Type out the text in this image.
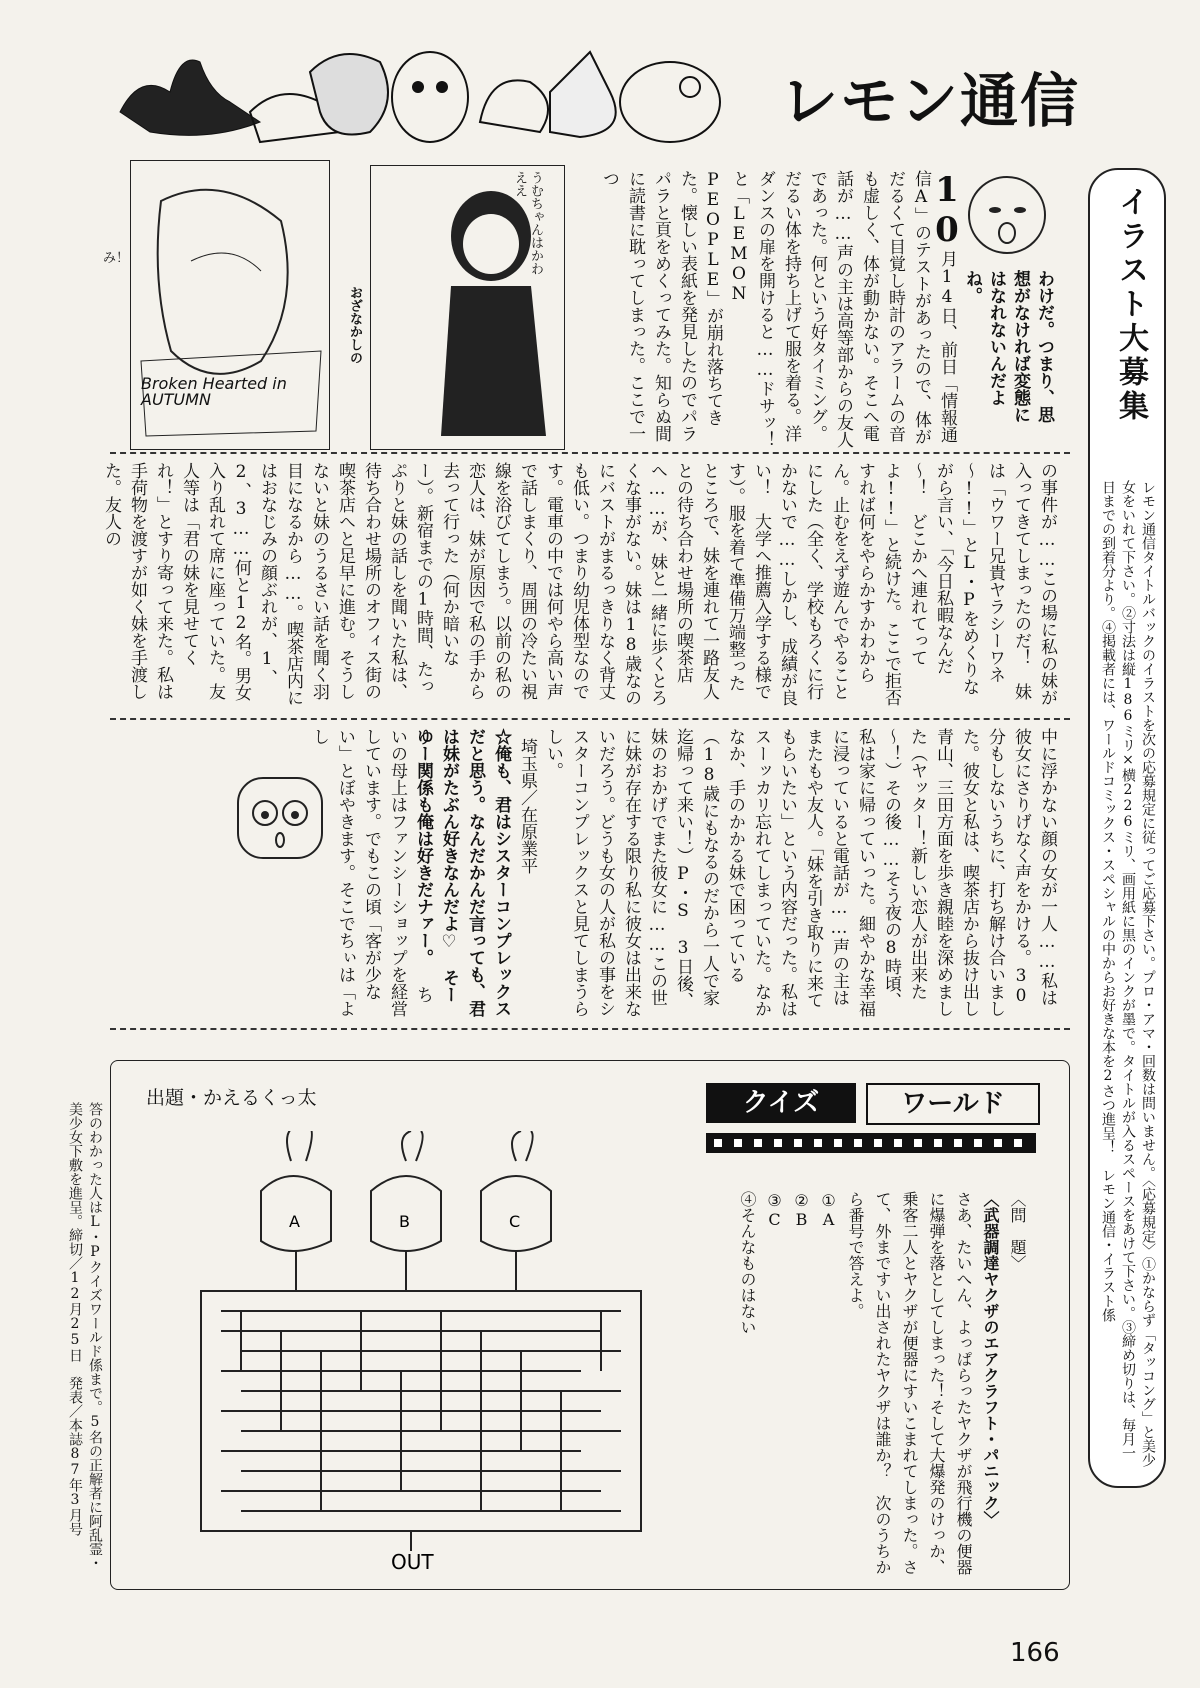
レモン通信
イラスト大募集
レモン通信タイトルバックのイラストを次の応募規定に従ってご応募下さい。プロ・アマ・回数は問いません。〈応募規定〉①かならず「タッコング」と美少女をいれて下さい。②寸法は縦186ミリ×横226ミリ、画用紙に黒のインクが墨で。タイトルが入るスペースをあけて下さい。③締め切りは、毎月一日までの到着分より。④掲載者には、ワールドコミックス・スペシャルの中からお好きな本を2さつ進呈！　レモン通信・イラスト係
み！
Broken Hearted in AUTUMN
おざなかしの
うむちゃんはかわええ	10月14日、前日「情報通信A」のテストがあったので、体がだるくて目覚し時計のアラームの音も虚しく、体が動かない。そこへ電話が……声の主は高等部からの友人であった。何という好タイミング。だるい体を持ち上げて服を着る。洋ダンスの扉を開けると……ドサッ！と「LEMON PEOPLE」が崩れ落ちてきた。懐しい表紙を発見したのでパラパラと頁をめくってみた。知らぬ間に読書に耽ってしまった。ここで一つ
わけだ。つまり、思想がなければ変態にはなれないんだよね。
の事件が……この場に私の妹が入ってきてしまったのだ！　妹は「ウワー兄貴ヤラシーワネ～!!」とL・Pをめくりながら言い、「今日私暇なんだ～！　どこかへ連れてってよ!!」と続けた。ここで拒否すれば何をやらかすかわからん。止むをえず遊んでやることにした（全く、学校もろくに行かないで……しかし、成績が良い！　大学へ推薦入学する様です）。服を着て準備万端整ったところで、妹を連れて一路友人との待ち合わせ場所の喫茶店へ……が、妹と一緒に歩くとろくな事がない。妹は18歳なのにバストがまるっきりなく背丈も低い。つまり幼児体型なのです。電車の中では何やら高い声で話しまくり、周囲の冷たい視線を浴びてしまう。以前の私の恋人は、妹が原因で私の手から去って行った（何か暗いなー）。新宿までの1時間、たっぷりと妹の話しを聞いた私は、待ち合わせ場所のオフィス街の喫茶店へと足早に進む。そうしないと妹のうるさい話を聞く羽目になるから……。喫茶店内にはおなじみの顔ぶれが、1、2、3……何と12名。男女入り乱れて席に座っていた。友人等は「君の妹を見せてくれ！」とすり寄って来た。私は手荷物を渡すが如く妹を手渡した。友人の
中に浮かない顔の女が一人……私は彼女にさりげなく声をかける。30分もしないうちに、打ち解け合いました。彼女と私は、喫茶店から抜け出し青山、三田方面を歩き親睦を深めました（ヤッター！新しい恋人が出来た～！）その後……そう夜の8時頃、私は家に帰っていった。細やかな幸福に浸っていると電話が……声の主はまたもや友人。「妹を引き取りに来てもらいたい」という内容だった。私はスーッカリ忘れてしまっていた。なかなか、手のかかる妹で困っている（18歳にもなるのだから一人で家迄帰って来い！）P・S　3日後、妹のおかげでまた彼女に……この世に妹が存在する限り私に彼女は出来ないだろう。どうも女の人が私の事をシスターコンプレックスと見てしまうらしい。
埼玉県／在原業平
☆俺も、君はシスターコンプレックスだと思う。なんだかんだ言っても、君は妹がたぶん好きなんだよ♡　そーゆー関係も俺は好きだナァー。 ち　いの母上はファンシーショップを経営しています。でもこの頃「客が少ない」とぼやきます。そこでちぃは「よし
出題・かえるくっ太	クイズ	ワールド
A	B	C
OUT
〈問　題〉
〈武器調達ヤクザのエアクラフト・パニック〉
さあ、たいへん、よっぱらったヤクザが飛行機の便器に爆弾を落としてしまった！そして大爆発のけっか、乗客二人とヤクザが便器にすいこまれてしまった。さて、外まですい出されたヤクザは誰か？　次のうちから番号で答えよ。
①A
②B
③C
④そんなものはない
答のわかった人はL・Pクイズワールド係まで。5名の正解者に阿乱霊・美少女下敷を進呈。締切／12月25日　発表／本誌87年3月号
166
